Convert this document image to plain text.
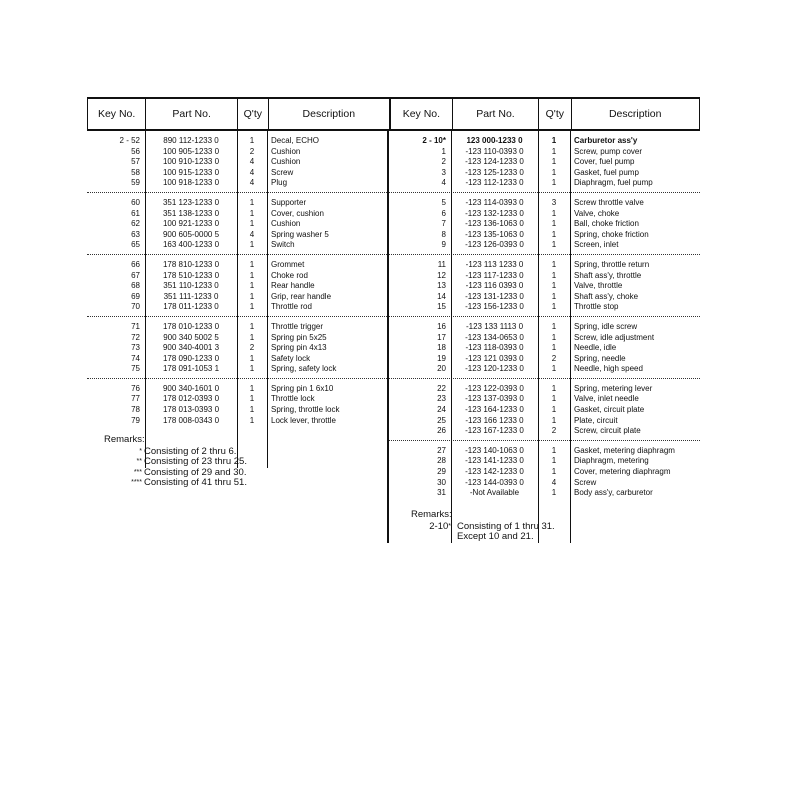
Key No.	Part No.	Q'ty	Description
2 - 52	890 112-1233 0	1	Decal, ECHO
56	100 905-1233 0	2	Cushion
57	100 910-1233 0	4	Cushion
58	100 915-1233 0	4	Screw
59	100 918-1233 0	4	Plug
60	351 123-1233 0	1	Supporter
61	351 138-1233 0	1	Cover, cushion
62	100 921-1233 0	1	Cushion
63	900 605-0000 5	4	Spring washer 5
65	163 400-1233 0	1	Switch
66	178 810-1233 0	1	Grommet
67	178 510-1233 0	1	Choke rod
68	351 110-1233 0	1	Rear handle
69	351 111-1233 0	1	Grip, rear handle
70	178 011-1233 0	1	Throttle rod
71	178 010-1233 0	1	Throttle trigger
72	900 340 5002 5	1	Spring pin 5x25
73	900 340-4001 3	2	Spring pin 4x13
74	178 090-1233 0	1	Safety lock
75	178 091-1053 1	1	Spring, safety lock
76	900 340-1601 0	1	Spring pin 1 6x10
77	178 012-0393 0	1	Throttle lock
78	178 013-0393 0	1	Spring, throttle lock
79	178 008-0343 0	1	Lock lever, throttle
Key No.	Part No.	Q'ty	Description
2 - 10*	123 000-1233 0	1	Carburetor ass'y
1	-123 110-0393 0	1	Screw, pump cover
2	-123 124-1233 0	1	Cover, fuel pump
3	-123 125-1233 0	1	Gasket, fuel pump
4	-123 112-1233 0	1	Diaphragm, fuel pump
5	-123 114-0393 0	3	Screw throttle valve
6	-123 132-1233 0	1	Valve, choke
7	-123 136-1063 0	1	Ball, choke friction
8	-123 135-1063 0	1	Spring, choke friction
9	-123 126-0393 0	1	Screen, inlet
11	-123 113 1233 0	1	Spring, throttle return
12	-123 117-1233 0	1	Shaft ass'y, throttle
13	-123 116 0393 0	1	Valve, throttle
14	-123 131-1233 0	1	Shaft ass'y, choke
15	-123 156-1233 0	1	Throttle stop
16	-123 133 1113 0	1	Spring, idle screw
17	-123 134-0653 0	1	Screw, idle adjustment
18	-123 118-0393 0	1	Needle, idle
19	-123 121 0393 0	2	Spring, needle
20	-123 120-1233 0	1	Needle, high speed
22	-123 122-0393 0	1	Spring, metering lever
23	-123 137-0393 0	1	Valve, inlet needle
24	-123 164-1233 0	1	Gasket, circuit plate
25	-123 166 1233 0	1	Plate, circuit
26	-123 167-1233 0	2	Screw, circuit plate
27	-123 140-1063 0	1	Gasket, metering diaphragm
28	-123 141-1233 0	1	Diaphragm, metering
29	-123 142-1233 0	1	Cover, metering diaphragm
30	-123 144-0393 0	4	Screw
31	-Not Available	1	Body ass'y, carburetor
Remarks:
* Consisting of 2 thru 6.
** Consisting of 23 thru 25.
*** Consisting of 29 and 30.
**** Consisting of 41 thru 51.
Remarks:
2-10* Consisting of 1 thru 31.
Except 10 and 21.
